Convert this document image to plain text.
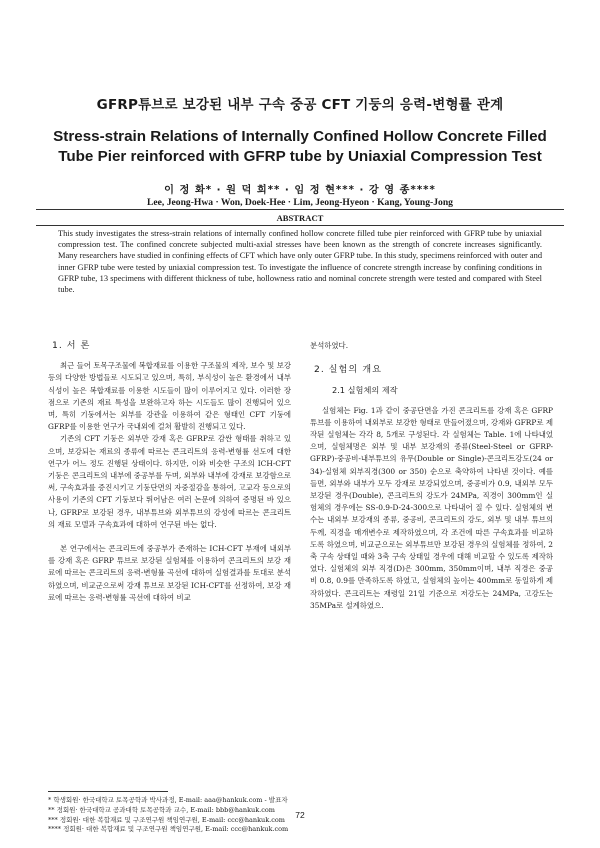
GFRP튜브로 보강된 내부 구속 중공 CFT 기둥의 응력-변형률 관계
Stress-strain Relations of Internally Confined Hollow Concrete Filled Tube Pier reinforced with GFRP tube by Uniaxial Compression Test
이 정 화* · 원 덕 희** · 임 정 현*** · 강 영 종****
Lee, Jeong-Hwa · Won, Doek-Hee · Lim, Jeong-Hyeon · Kang, Young-Jong
ABSTRACT
This study investigates the stress-strain relations of internally confined hollow concrete filled tube pier reinforced with GFRP tube by uniaxial compression test. The confined concrete subjected multi-axial stresses have been known as the strength of concrete increases significantly. Many researchers have studied in confining effects of CFT which have only outer GFRP tube. In this study, specimens reinforced with outer and inner GFRP tube were tested by uniaxial compression test. To investigate the influence of concrete strength increase by confining conditions in GFRP tube, 13 specimens with different thickness of tube, hollowness ratio and nominal concrete strength were tested and compared with Steel tube.
1. 서 론

최근 들어 토목구조물에 복합재료를 이용한 구조물의 제작, 보수 및 보강 등의 다양한 방법들로 시도되고 있으며, 특히, 부식성이 높은 환경에서 내부식성이 높은 복합재료를 이용한 시도들이 많이 이루어지고 있다. 이러한 장점으로 기존의 재료 특성을 보완하고자 하는 시도들도 많이 진행되어 있으며, 특히 기둥에서는 외부를 강관을 이용하여 같은 형태인 CFT 기둥에 GFRP를 이용한 연구가 국내외에 걸쳐 활발히 진행되고 있다.

기존의 CFT 기둥은 외부만 강재 혹은 GFRP로 감싼 형태를 취하고 있으며, 보강되는 재료의 종류에 따르는 콘크리트의 응력-변형률 선도에 대한 연구가 어느 정도 진행된 상태이다. 하지만, 이와 비슷한 구조의 ICH-CFT 기둥은 콘크리트의 내부에 중공부를 두며, 외부와 내부에 강재로 보강함으로써, 구속효과를 증진시키고 기둥단면의 자중절감을 통하여, 고교각 등으로의 사용이 기존의 CFT 기둥보다 뛰어남은 여러 논문에 의하여 증명된 바 있으나, GFRP로 보강된 경우, 내부튜브와 외부튜브의 강성에 따르는 콘크리트의 재료 모델과 구속효과에 대하여 연구된 바는 없다.

본 연구에서는 콘크리트에 중공부가 존재하는 ICH-CFT 부재에 내외부를 강재 혹은 GFRP 튜브로 보강된 실험체를 이용하여 콘크리트의 보강 재료에 따르는 콘크리트의 응력-변형률 곡선에 대하여 실험결과를 토대로 분석하였으며, 비교군으로써 강재 튜브로 보강된 ICH-CFT를 선정하여, 보강 재료에 따르는 응력-변형률 곡선에 대하여 비교

분석하였다.

2. 실험의 개요
2.1 실험체의 제작

실험체는 Fig. 1과 같이 중공단면을 가진 콘크리트를 강재 혹은 GFRP튜브를 이용하여 내외부로 보강한 형태로 만들어졌으며, 강재와 GFRP로 제작된 실험체는 각각 8, 5개로 구성된다. 각 실험체는 Table. 1에 나타내었으며, 실험체명은 외부 및 내부 보강재의 종류(Steel-Steel or GFRP-GFRP)-중공비-내부튜브의 유무(Double or Single)-콘크리트강도(24 or 34)-실험체 외부직경(300 or 350) 순으로 축약하여 나타낸 것이다. 예를 들면, 외부와 내부가 모두 강재로 보강되었으며, 중공비가 0.9, 내외부 모두 보강된 경우(Double), 콘크리트의 강도가 24MPa, 직경이 300mm인 실험체의 경우에는 SS-0.9-D-24-300으로 나타내어 질 수 있다. 실험체의 변수는 내외부 보강재의 종류, 중공비, 콘크리트의 강도, 외부 및 내부 튜브의 두께, 직경을 매개변수로 제작하였으며, 각 조건에 따른 구속효과를 비교하도록 하였으며, 비교군으로는 외부튜브만 보강된 경우의 실험체를 정하여, 2축 구속 상태일 때와 3축 구속 상태일 경우에 대해 비교할 수 있도록 제작하였다. 실험체의 외부 직경(D)은 300mm, 350mm이며, 내부 직경은 중공비 0.8, 0.9를 만족하도록 하였고, 실험체의 높이는 400mm로 동일하게 제작하였다. 콘크리트는 재령일 21일 기준으로 저강도는 24MPa, 고강도는 35MPa로 설계하였으.

* 학생회원· 한국대학교 토목공학과 박사과정, E-mail: aaa@hankuk.com - 발표자
** 정회원· 한국대학교 공과대학 토목공학과 교수, E-mail: bbb@hankuk.com
*** 정회원· 대한 복합재료 및 구조연구원 책임연구원, E-mail: ccc@hankuk.com
**** 정회원· 대한 복합재료 및 구조연구원 책임연구원, E-mail: ccc@hankuk.com
72
